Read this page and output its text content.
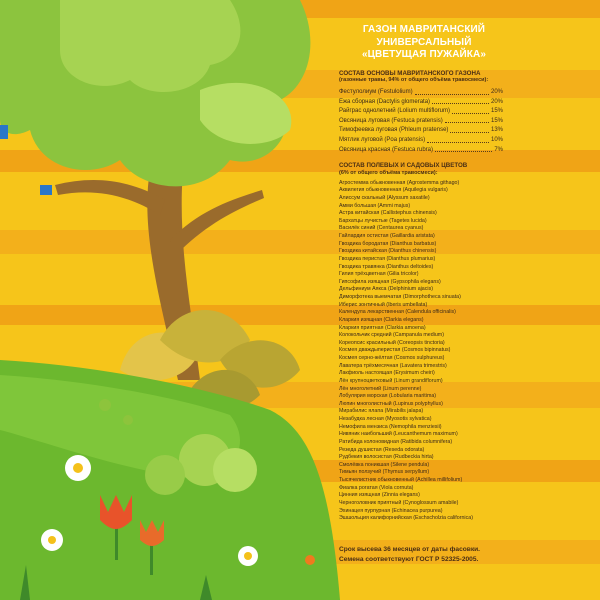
ГАЗОН МАВРИТАНСКИЙ
УНИВЕРСАЛЬНЫЙ
«ЦВЕТУЩАЯ ПУЖАЙКА»
СОСТАВ ОСНОВЫ МАВРИТАНСКОГО ГАЗОНА
(газонные травы, 94% от общего объёма травосмеси):
Фестулолиум (Festulolium)	20%
Ежа сборная (Dactylis glomerata)	20%
Райграс однолетний (Lolium multiflorum)	15%
Овсяница луговая (Festuca pratensis)	15%
Тимофеевка луговая (Phleum pratense)	13%
Мятлик луговой (Poa pratensis)	10%
Овсяница красная (Festuca rubra)	7%
СОСТАВ ПОЛЕВЫХ И САДОВЫХ ЦВЕТОВ
(6% от общего объёма травосмеси):
Агростемма обыкновенная (Agrostemma githago)
Аквилегия обыкновенная (Aquilegia vulgaris)
Алиссум скальный (Alyssum saxatile)
Амми большая (Ammi majus)
Астра китайская (Callistephus chinensis)
Бархатцы лучистые (Tagetes lucida)
Василёк синий (Centaurea cyanus)
Гайлардия остистая (Gaillardia aristata)
Гвоздика бородатая (Dianthus barbatus)
Гвоздика китайская (Dianthus chinensis)
Гвоздика перистая (Dianthus plumarius)
Гвоздика травянка (Dianthus deltoides)
Гилия трёхцветная (Gilia tricolor)
Гипсофила изящная (Gypsophila elegans)
Дельфиниум Аякса (Delphinium ajacis)
Диморфотека выемчатая (Dimorphotheca sinuata)
Иберис зонтичный (Iberis umbellata)
Календула лекарственная (Calendula officinalis)
Кларкия изящная (Clarkia elegans)
Кларкия приятная (Clarkia amoena)
Колокольчик средний (Campanula medium)
Кореопсис красильный (Coreopsis tinctoria)
Космея дваждыперистая (Cosmos bipinnatus)
Космея серно-жёлтая (Cosmos sulphureus)
Лаватера трёхмесячная (Lavatera trimestris)
Лакфиоль настоящая (Erysimum cheiri)
Лён крупноцветковый (Linum grandiflorum)
Лён многолетний (Linum perenne)
Лобулярия морская (Lobularia maritima)
Люпин многолистный (Lupinus polyphyllus)
Мирабилис ялапа (Mirabilis jalapa)
Незабудка лесная (Myosotis sylvatica)
Немофила мензиса (Nemophila menziesii)
Нивяник наибольший (Leucanthemum maximum)
Ратибида колоновидная (Ratibida columnifera)
Резеда душистая (Reseda odorata)
Рудбекия волосистая (Rudbeckia hirta)
Смолёвка поникшая (Silene pendula)
Тимьян ползучий (Thymus serpyllum)
Тысячелистник обыкновенный (Achillea millifolium)
Фиалка рогатая (Viola cornuta)
Цинния изящная (Zinnia elegans)
Черноголовник приятный (Cynoglossum amabile)
Эхинацея пурпурная (Echinacea purpurea)
Эшшольция калифорнийская (Eschscholzia californica)
Срок высева 36 месяцев от даты фасовки.
Семена соответствуют ГОСТ Р 52325-2005.
